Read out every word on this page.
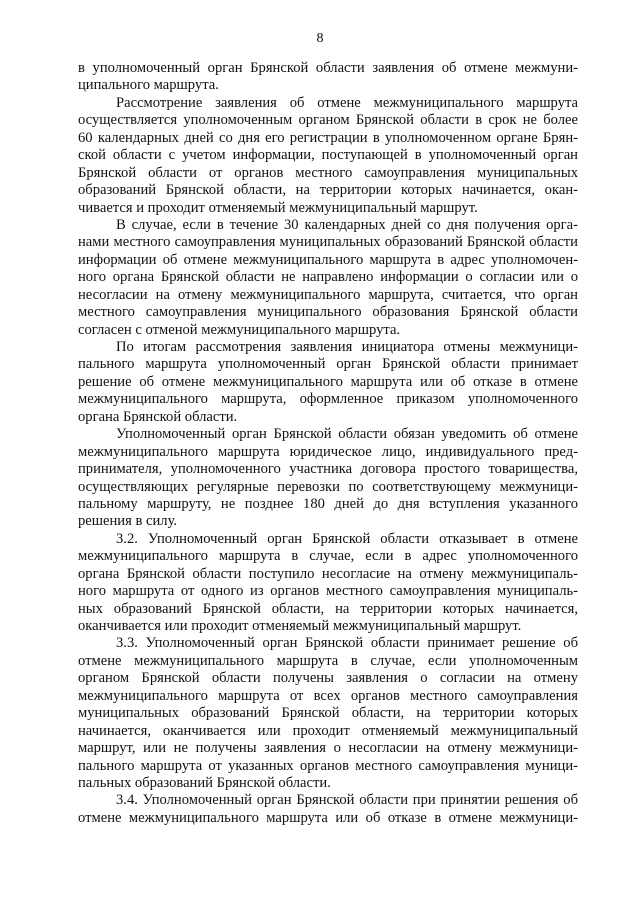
8
в уполномоченный орган Брянской области заявления об отмене межмуни-
ципального маршрута.
Рассмотрение заявления об отмене межмуниципального маршрута
осуществляется уполномоченным органом Брянской области в срок не более
60 календарных дней со дня его регистрации в уполномоченном органе Брян-
ской области с учетом информации, поступающей в уполномоченный орган
Брянской области от органов местного самоуправления муниципальных
образований Брянской области, на территории которых начинается, окан-
чивается и проходит отменяемый межмуниципальный маршрут.
В случае, если в течение 30 календарных дней со дня получения орга-
нами местного самоуправления муниципальных образований Брянской области
информации об отмене межмуниципального маршрута в адрес уполномочен-
ного органа Брянской области не направлено информации о согласии или о
несогласии на отмену межмуниципального маршрута, считается, что орган
местного самоуправления муниципального образования Брянской области
согласен с отменой межмуниципального маршрута.
По итогам рассмотрения заявления инициатора отмены межмуници-
пального маршрута уполномоченный орган Брянской области принимает
решение об отмене межмуниципального маршрута или об отказе в отмене
межмуниципального маршрута, оформленное приказом уполномоченного
органа Брянской области.
Уполномоченный орган Брянской области обязан уведомить об отмене
межмуниципального маршрута юридическое лицо, индивидуального пред-
принимателя, уполномоченного участника договора простого товарищества,
осуществляющих регулярные перевозки по соответствующему межмуници-
пальному маршруту, не позднее 180 дней до дня вступления указанного
решения в силу.
3.2. Уполномоченный орган Брянской области отказывает в отмене
межмуниципального маршрута в случае, если в адрес уполномоченного
органа Брянской области поступило несогласие на отмену межмуниципаль-
ного маршрута от одного из органов местного самоуправления муниципаль-
ных образований Брянской области, на территории которых начинается,
оканчивается или проходит отменяемый межмуниципальный маршрут.
3.3. Уполномоченный орган Брянской области принимает решение об
отмене межмуниципального маршрута в случае, если уполномоченным
органом Брянской области получены заявления о согласии на отмену
межмуниципального маршрута от всех органов местного самоуправления
муниципальных образований Брянской области, на территории которых
начинается, оканчивается или проходит отменяемый межмуниципальный
маршрут, или не получены заявления о несогласии на отмену межмуници-
пального маршрута от указанных органов местного самоуправления муници-
пальных образований Брянской области.
3.4. Уполномоченный орган Брянской области при принятии решения об
отмене межмуниципального маршрута или об отказе в отмене межмуници-
